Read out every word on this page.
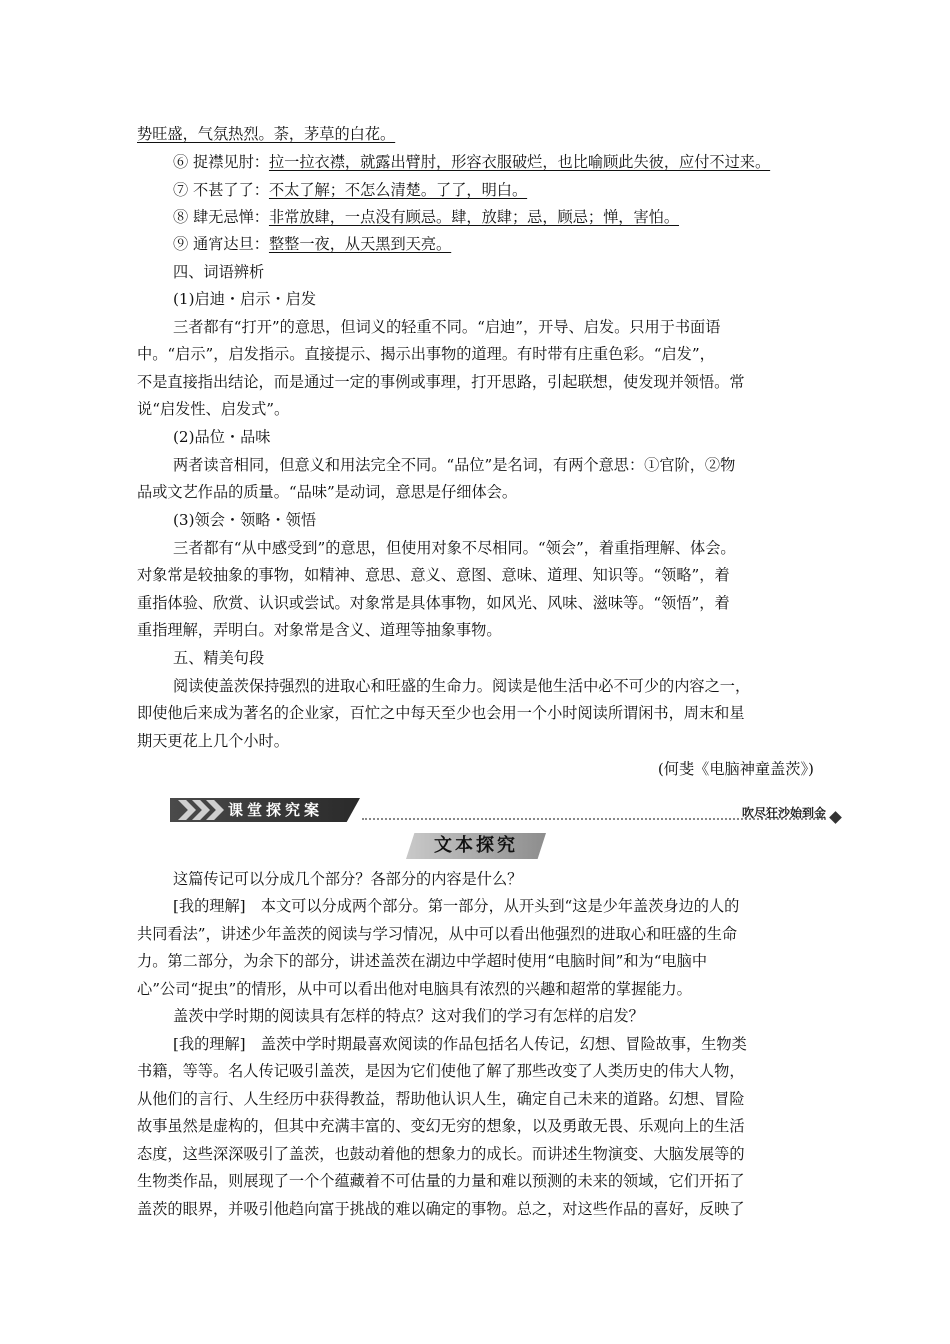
势旺盛，气氛热烈。荼，茅草的白花。
⑥ 捉襟见肘：拉一拉衣襟，就露出臂肘，形容衣服破烂，也比喻顾此失彼，应付不过来。
⑦ 不甚了了：不太了解；不怎么清楚。了了，明白。
⑧ 肆无忌惮：非常放肆，一点没有顾忌。肆，放肆；忌，顾忌；惮，害怕。
⑨ 通宵达旦：整整一夜，从天黑到天亮。
四、词语辨析
(1)启迪・启示・启发
三者都有“打开”的意思，但词义的轻重不同。“启迪”，开导、启发。只用于书面语
中。“启示”，启发指示。直接提示、揭示出事物的道理。有时带有庄重色彩。“启发”，
不是直接指出结论，而是通过一定的事例或事理，打开思路，引起联想，使发现并领悟。常
说“启发性、启发式”。
(2)品位・品味
两者读音相同，但意义和用法完全不同。“品位”是名词，有两个意思：①官阶，②物
品或文艺作品的质量。“品味”是动词，意思是仔细体会。
(3)领会・领略・领悟
三者都有“从中感受到”的意思，但使用对象不尽相同。“领会”，着重指理解、体会。
对象常是较抽象的事物，如精神、意思、意义、意图、意味、道理、知识等。“领略”，着
重指体验、欣赏、认识或尝试。对象常是具体事物，如风光、风味、滋味等。“领悟”，着
重指理解，弄明白。对象常是含义、道理等抽象事物。
五、精美句段
阅读使盖茨保持强烈的进取心和旺盛的生命力。阅读是他生活中必不可少的内容之一，
即使他后来成为著名的企业家，百忙之中每天至少也会用一个小时阅读所谓闲书，周末和星
期天更花上几个小时。
(何斐《电脑神童盖茨》)
课堂探究案	吹尽狂沙始到金
文本探究
这篇传记可以分成几个部分？各部分的内容是什么？
[我的理解]　本文可以分成两个部分。第一部分，从开头到“这是少年盖茨身边的人的
共同看法”，讲述少年盖茨的阅读与学习情况，从中可以看出他强烈的进取心和旺盛的生命
力。第二部分，为余下的部分，讲述盖茨在湖边中学超时使用“电脑时间”和为“电脑中
心”公司“捉虫”的情形，从中可以看出他对电脑具有浓烈的兴趣和超常的掌握能力。
盖茨中学时期的阅读具有怎样的特点？这对我们的学习有怎样的启发？
[我的理解]　盖茨中学时期最喜欢阅读的作品包括名人传记，幻想、冒险故事，生物类
书籍，等等。名人传记吸引盖茨，是因为它们使他了解了那些改变了人类历史的伟大人物，
从他们的言行、人生经历中获得教益，帮助他认识人生，确定自己未来的道路。幻想、冒险
故事虽然是虚构的，但其中充满丰富的、变幻无穷的想象，以及勇敢无畏、乐观向上的生活
态度，这些深深吸引了盖茨，也鼓动着他的想象力的成长。而讲述生物演变、大脑发展等的
生物类作品，则展现了一个个蕴藏着不可估量的力量和难以预测的未来的领域，它们开拓了
盖茨的眼界，并吸引他趋向富于挑战的难以确定的事物。总之，对这些作品的喜好，反映了
